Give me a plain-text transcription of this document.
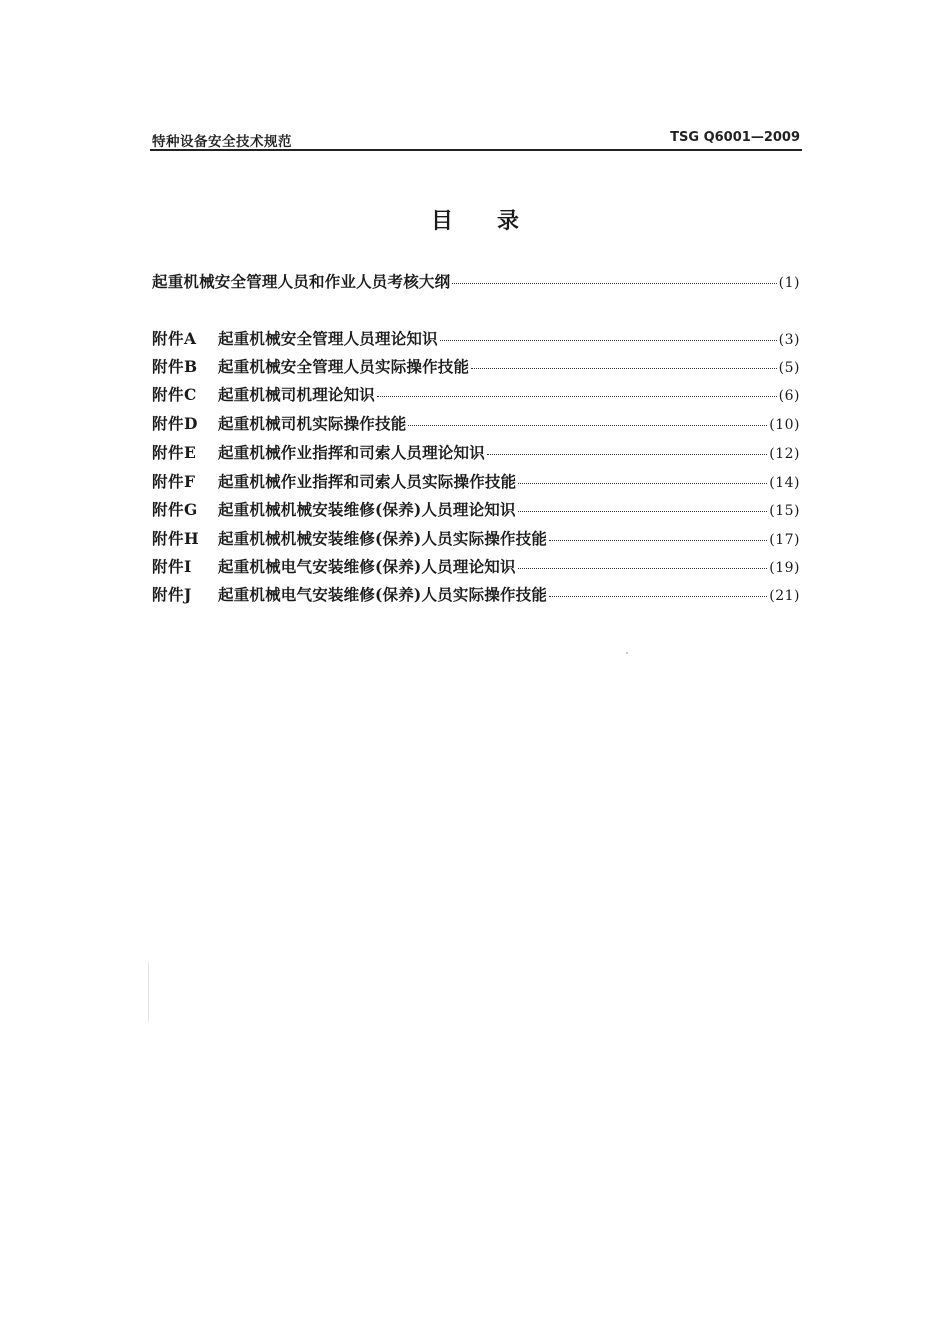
特种设备安全技术规范	TSG Q6001—2009
目录
起重机械安全管理人员和作业人员考核大纲	(1)
附件A	起重机械安全管理人员理论知识	(3)
附件B	起重机械安全管理人员实际操作技能	(5)
附件C	起重机械司机理论知识	(6)
附件D	起重机械司机实际操作技能	(10)
附件E	起重机械作业指挥和司索人员理论知识	(12)
附件F	起重机械作业指挥和司索人员实际操作技能	(14)
附件G	起重机械机械安装维修(保养)人员理论知识	(15)
附件H	起重机械机械安装维修(保养)人员实际操作技能	(17)
附件I	起重机械电气安装维修(保养)人员理论知识	(19)
附件J	起重机械电气安装维修(保养)人员实际操作技能	(21)
